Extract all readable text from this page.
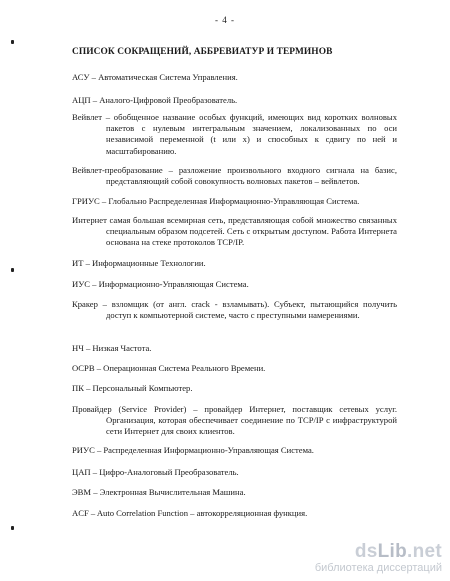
- 4 -
СПИСОК СОКРАЩЕНИЙ, АББРЕВИАТУР И ТЕРМИНОВ
АСУ – Автоматическая Система Управления.
АЦП – Аналого-Цифровой Преобразователь.
Вейвлет – обобщенное название особых функций, имеющих вид коротких волновых пакетов с нулевым интегральным значением, локализованных по оси независимой переменной (t или x) и способных к сдвигу по ней и масштабированию.
Вейвлет-преобразование – разложение произвольного входного сигнала на базис, представляющий собой совокупность волновых пакетов – вейвлетов.
ГРИУС – Глобально Распределенная Информационно-Управляющая Система.
Интернет самая большая всемирная сеть, представляющая собой множество связанных специальным образом подсетей. Сеть с открытым доступом. Работа Интернета основана на стеке протоколов TCP/IP.
ИТ – Информационные Технологии.
ИУС – Информационно-Управляющая Система.
Кракер – взломщик (от англ. crack - взламывать). Субъект, пытающийся получить доступ к компьютерной системе, часто с преступными намерениями.
НЧ – Низкая Частота.
ОСРВ – Операционная Система Реального Времени.
ПК – Персональный Компьютер.
Провайдер (Service Provider) – провайдер Интернет, поставщик сетевых услуг. Организация, которая обеспечивает соединение по TCP/IP с инфраструктурой сети Интернет для своих клиентов.
РИУС – Распределенная Информационно-Управляющая Система.
ЦАП – Цифро-Аналоговый Преобразователь.
ЭВМ – Электронная Вычислительная Машина.
ACF – Auto Correlation Function – автокорреляционная функция.
dsLib.net
библиотека диссертаций
